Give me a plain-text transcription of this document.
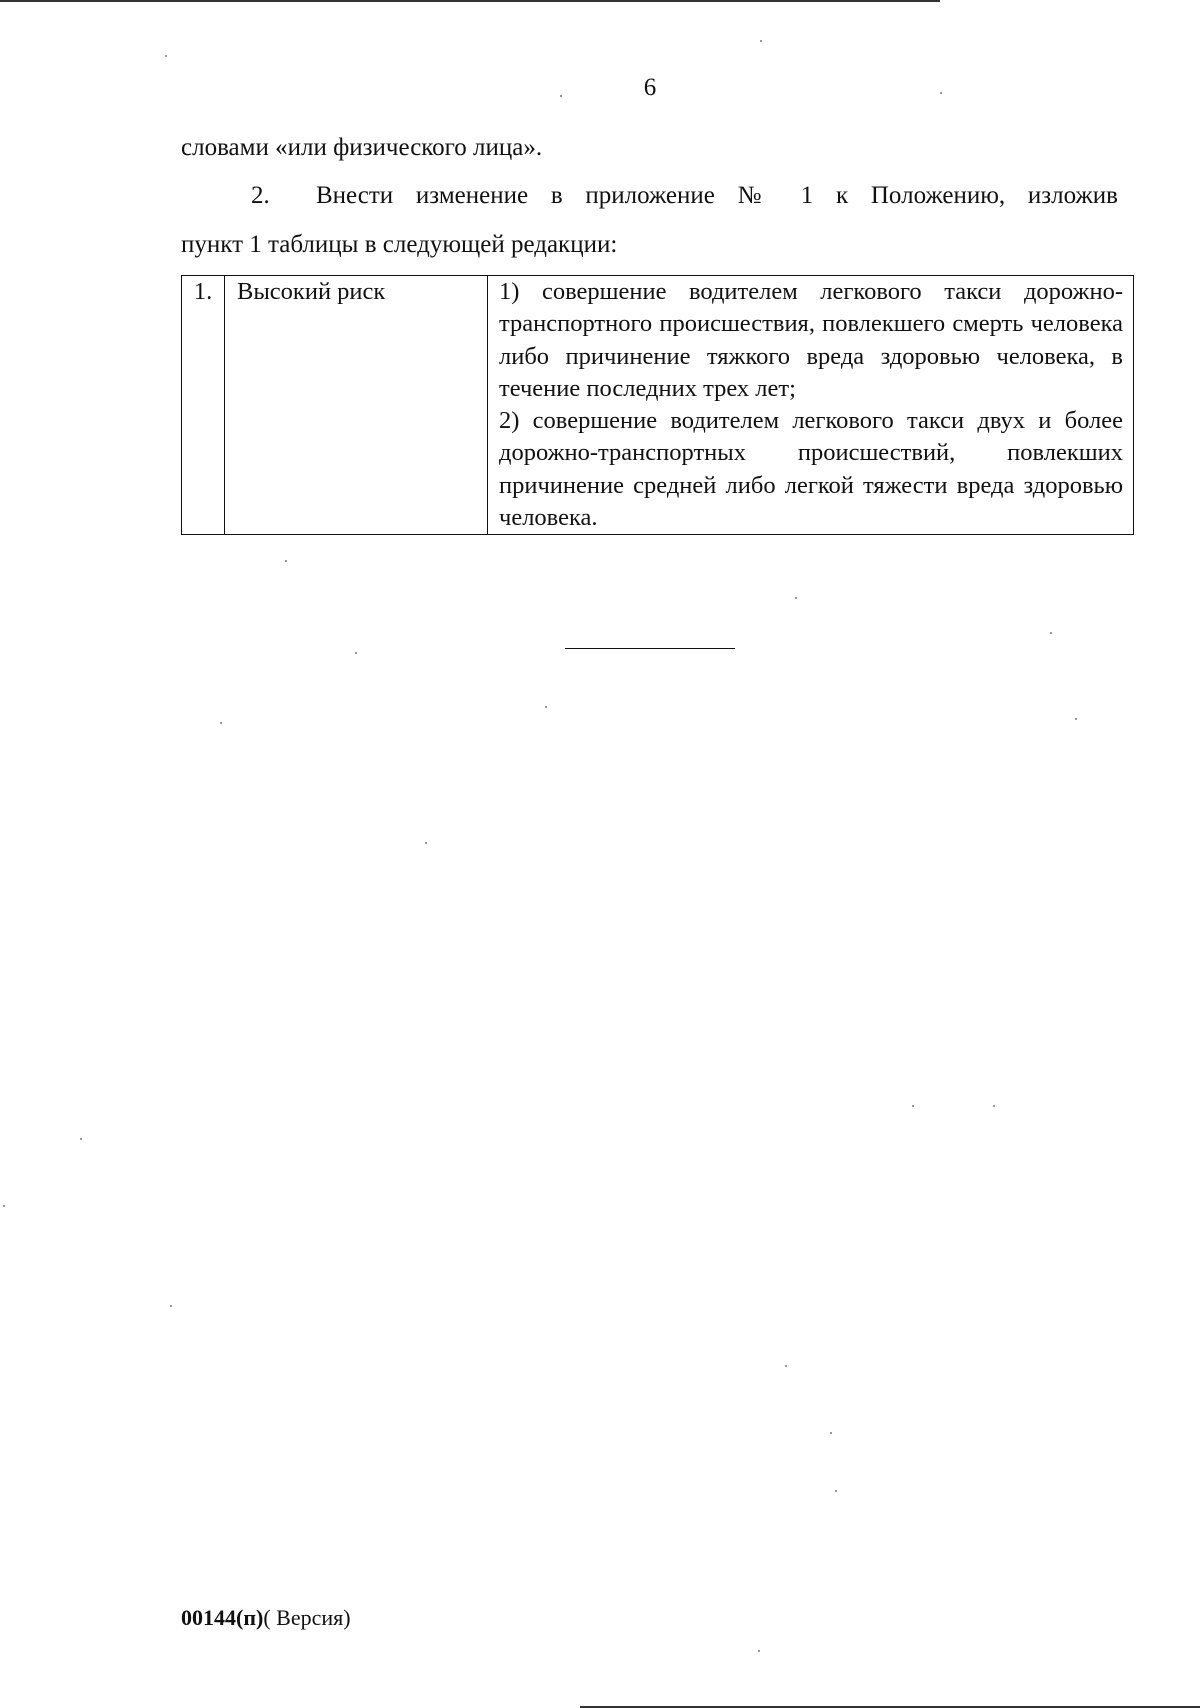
6
словами «или физического лица».
2. Внести изменение в приложение № 1 к Положению, изложив
пункт 1 таблицы в следующей редакции:
1.	Высокий риск	1) совершение водителем легкового такси дорожно-транспортного происшествия, повлекшего смерть человека либо причинение тяжкого вреда здоровью человека, в течение последних трех лет;
2) совершение водителем легкового такси двух и более дорожно-транспортных происшествий, повлекших причинение средней либо легкой тяжести вреда здоровью человека.
00144(п)( Версия)
